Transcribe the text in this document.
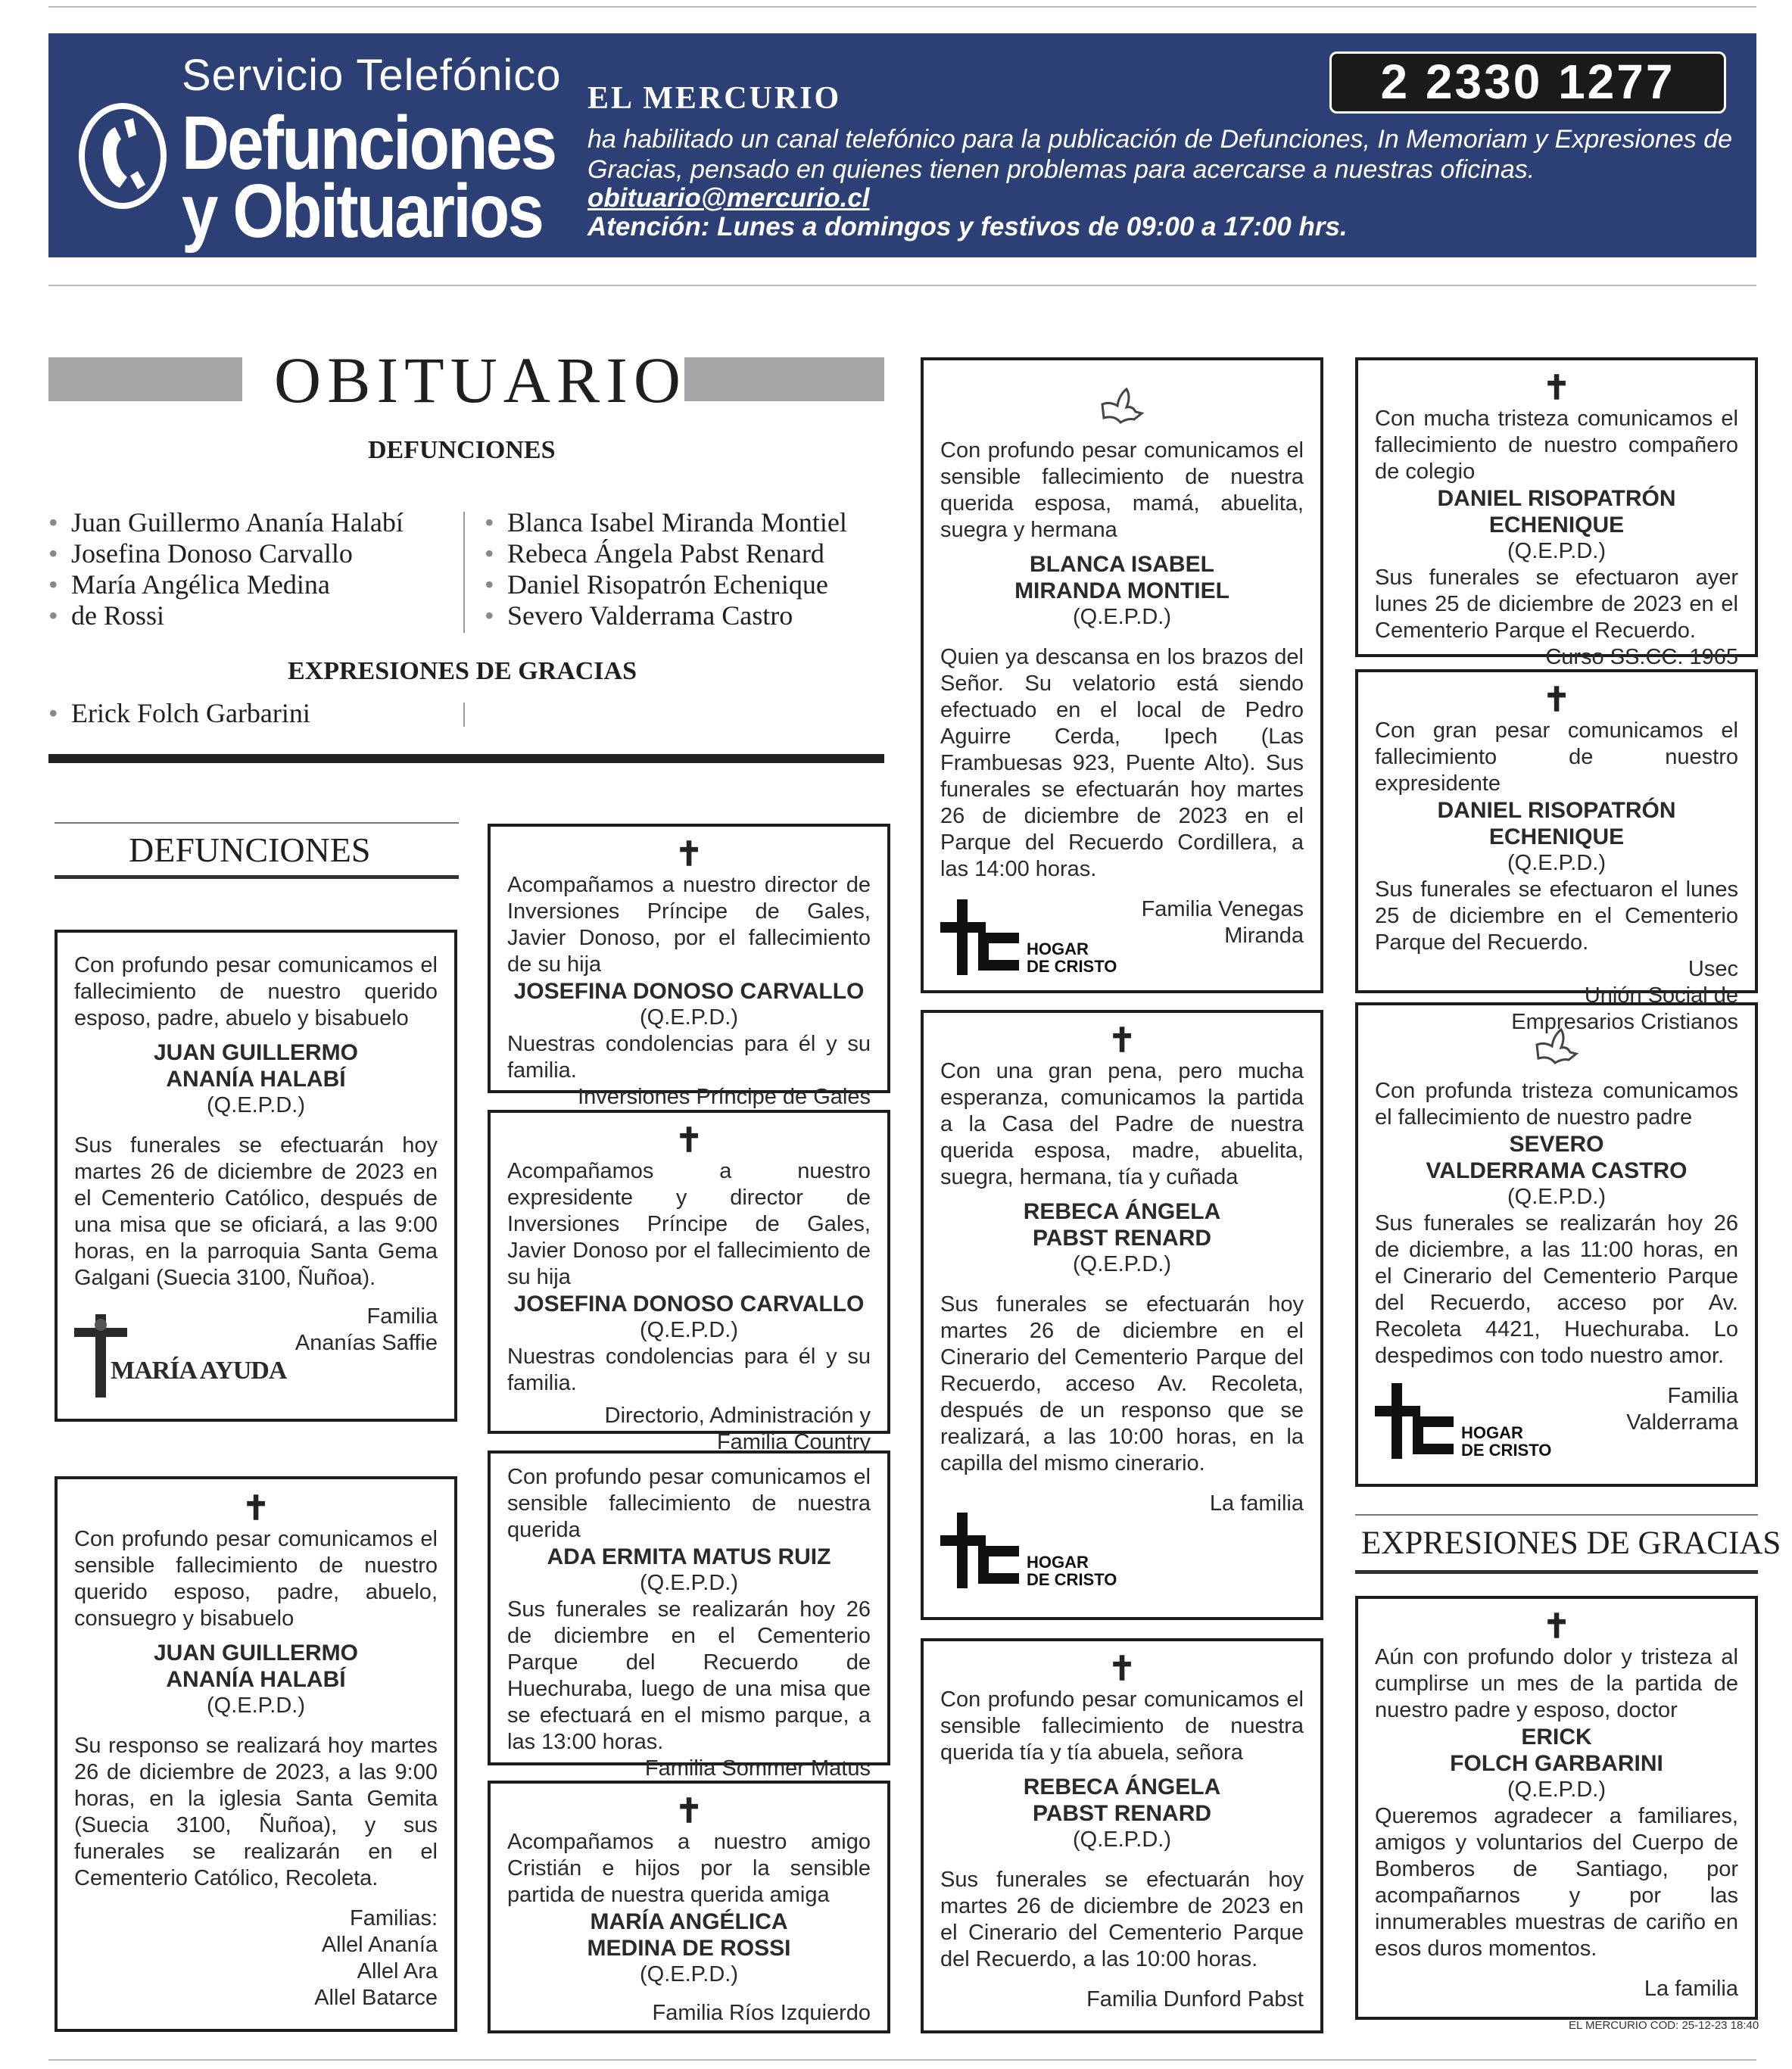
Servicio Telefónico
Defunciones
y Obituarios
EL MERCURIO
ha habilitado un canal telefónico para la publicación de Defunciones, In Memoriam y Expresiones de Gracias, pensado en quienes tienen problemas para acercarse a nuestras oficinas.
obituario@mercurio.cl
Atención: Lunes a domingos y festivos de 09:00 a 17:00 hrs.
2 2330 1277
OBITUARIO
DEFUNCIONES
• Juan Guillermo Ananía Halabí
• Josefina Donoso Carvallo
• María Angélica Medina
• de Rossi
• Blanca Isabel Miranda Montiel
• Rebeca Ángela Pabst Renard
• Daniel Risopatrón Echenique
• Severo Valderrama Castro
EXPRESIONES DE GRACIAS
• Erick Folch Garbarini
DEFUNCIONES

Con profundo pesar comunicamos el fallecimiento de nuestro querido esposo, padre, abuelo y bisabuelo

JUAN GUILLERMO

ANANÍA HALABÍ

(Q.E.P.D.)

Sus funerales se efectuarán hoy martes 26 de diciembre de 2023 en el Cementerio Católico, después de una misa que se oficiará, a las 9:00 horas, en la parroquia Santa Gema Galgani (Suecia 3100, Ñuñoa).

MARÍA AYUDA

Familia

Ananías Saffie

✝

Con profundo pesar comunicamos el sensible fallecimiento de nuestro querido esposo, padre, abuelo, consuegro y bisabuelo

JUAN GUILLERMO

ANANÍA HALABÍ

(Q.E.P.D.)

Su responso se realizará hoy martes 26 de diciembre de 2023, a las 9:00 horas, en la iglesia Santa Gemita (Suecia 3100, Ñuñoa), y sus funerales se realizarán en el Cementerio Católico, Recoleta.

Familias:

Allel Ananía

Allel Ara

Allel Batarce

✝

Acompañamos a nuestro director de Inversiones Príncipe de Gales, Javier Donoso, por el fallecimiento de su hija

JOSEFINA DONOSO CARVALLO

(Q.E.P.D.)

Nuestras condolencias para él y su familia.

Inversiones Príncipe de Gales

✝

Acompañamos a nuestro expresidente y director de Inversiones Príncipe de Gales, Javier Donoso por el fallecimiento de su hija

JOSEFINA DONOSO CARVALLO

(Q.E.P.D.)

Nuestras condolencias para él y su familia.

Directorio, Administración y

Familia Country

Con profundo pesar comunicamos el sensible fallecimiento de nuestra querida

ADA ERMITA MATUS RUIZ

(Q.E.P.D.)

Sus funerales se realizarán hoy 26 de diciembre en el Cementerio Parque del Recuerdo de Huechuraba, luego de una misa que se efectuará en el mismo parque, a las 13:00 horas.

Familia Sommer Matus

✝

Acompañamos a nuestro amigo Cristián e hijos por la sensible partida de nuestra querida amiga

MARÍA ANGÉLICA

MEDINA DE ROSSI

(Q.E.P.D.)

Familia Ríos Izquierdo

Con profundo pesar comunicamos el sensible fallecimiento de nuestra querida esposa, mamá, abuelita, suegra y hermana

BLANCA ISABEL

MIRANDA MONTIEL

(Q.E.P.D.)

Quien ya descansa en los brazos del Señor. Su velatorio está siendo efectuado en el local de Pedro Aguirre Cerda, Ipech (Las Frambuesas 923, Puente Alto). Sus funerales se efectuarán hoy martes 26 de diciembre de 2023 en el Parque del Recuerdo Cordillera, a las 14:00 horas.

Familia Venegas

Miranda

HOGAR
DE CRISTO
✝

Con una gran pena, pero mucha esperanza, comunicamos la partida a la Casa del Padre de nuestra querida esposa, madre, abuelita, suegra, hermana, tía y cuñada

REBECA ÁNGELA

PABST RENARD

(Q.E.P.D.)

Sus funerales se efectuarán hoy martes 26 de diciembre en el Cinerario del Cementerio Parque del Recuerdo, acceso Av. Recoleta, después de un responso que se realizará, a las 10:00 horas, en la capilla del mismo cinerario.

La familia

HOGAR
DE CRISTO
✝

Con profundo pesar comunicamos el sensible fallecimiento de nuestra querida tía y tía abuela, señora

REBECA ÁNGELA

PABST RENARD

(Q.E.P.D.)

Sus funerales se efectuarán hoy martes 26 de diciembre de 2023 en el Cinerario del Cementerio Parque del Recuerdo, a las 10:00 horas.

Familia Dunford Pabst

✝

Con mucha tristeza comunicamos el fallecimiento de nuestro compañero de colegio

DANIEL RISOPATRÓN ECHENIQUE

(Q.E.P.D.)

Sus funerales se efectuaron ayer lunes 25 de diciembre de 2023 en el Cementerio Parque el Recuerdo.

Curso SS.CC. 1965

✝

Con gran pesar comunicamos el fallecimiento de nuestro expresidente

DANIEL RISOPATRÓN ECHENIQUE

(Q.E.P.D.)

Sus funerales se efectuaron el lunes 25 de diciembre en el Cementerio Parque del Recuerdo.

Usec

Unión Social de

Empresarios Cristianos

Con profunda tristeza comunicamos el fallecimiento de nuestro padre

SEVERO

VALDERRAMA CASTRO

(Q.E.P.D.)

Sus funerales se realizarán hoy 26 de diciembre, a las 11:00 horas, en el Cinerario del Cementerio Parque del Recuerdo, acceso por Av. Recoleta 4421, Huechuraba. Lo despedimos con todo nuestro amor.

Familia

Valderrama

HOGAR
DE CRISTO
EXPRESIONES DE GRACIAS
✝

Aún con profundo dolor y tristeza al cumplirse un mes de la partida de nuestro padre y esposo, doctor

ERICK

FOLCH GARBARINI

(Q.E.P.D.)

Queremos agradecer a familiares, amigos y voluntarios del Cuerpo de Bomberos de Santiago, por acompañarnos y por las innumerables muestras de cariño en esos duros momentos.

La familia

EL MERCURIO COD: 25-12-23 18:40
